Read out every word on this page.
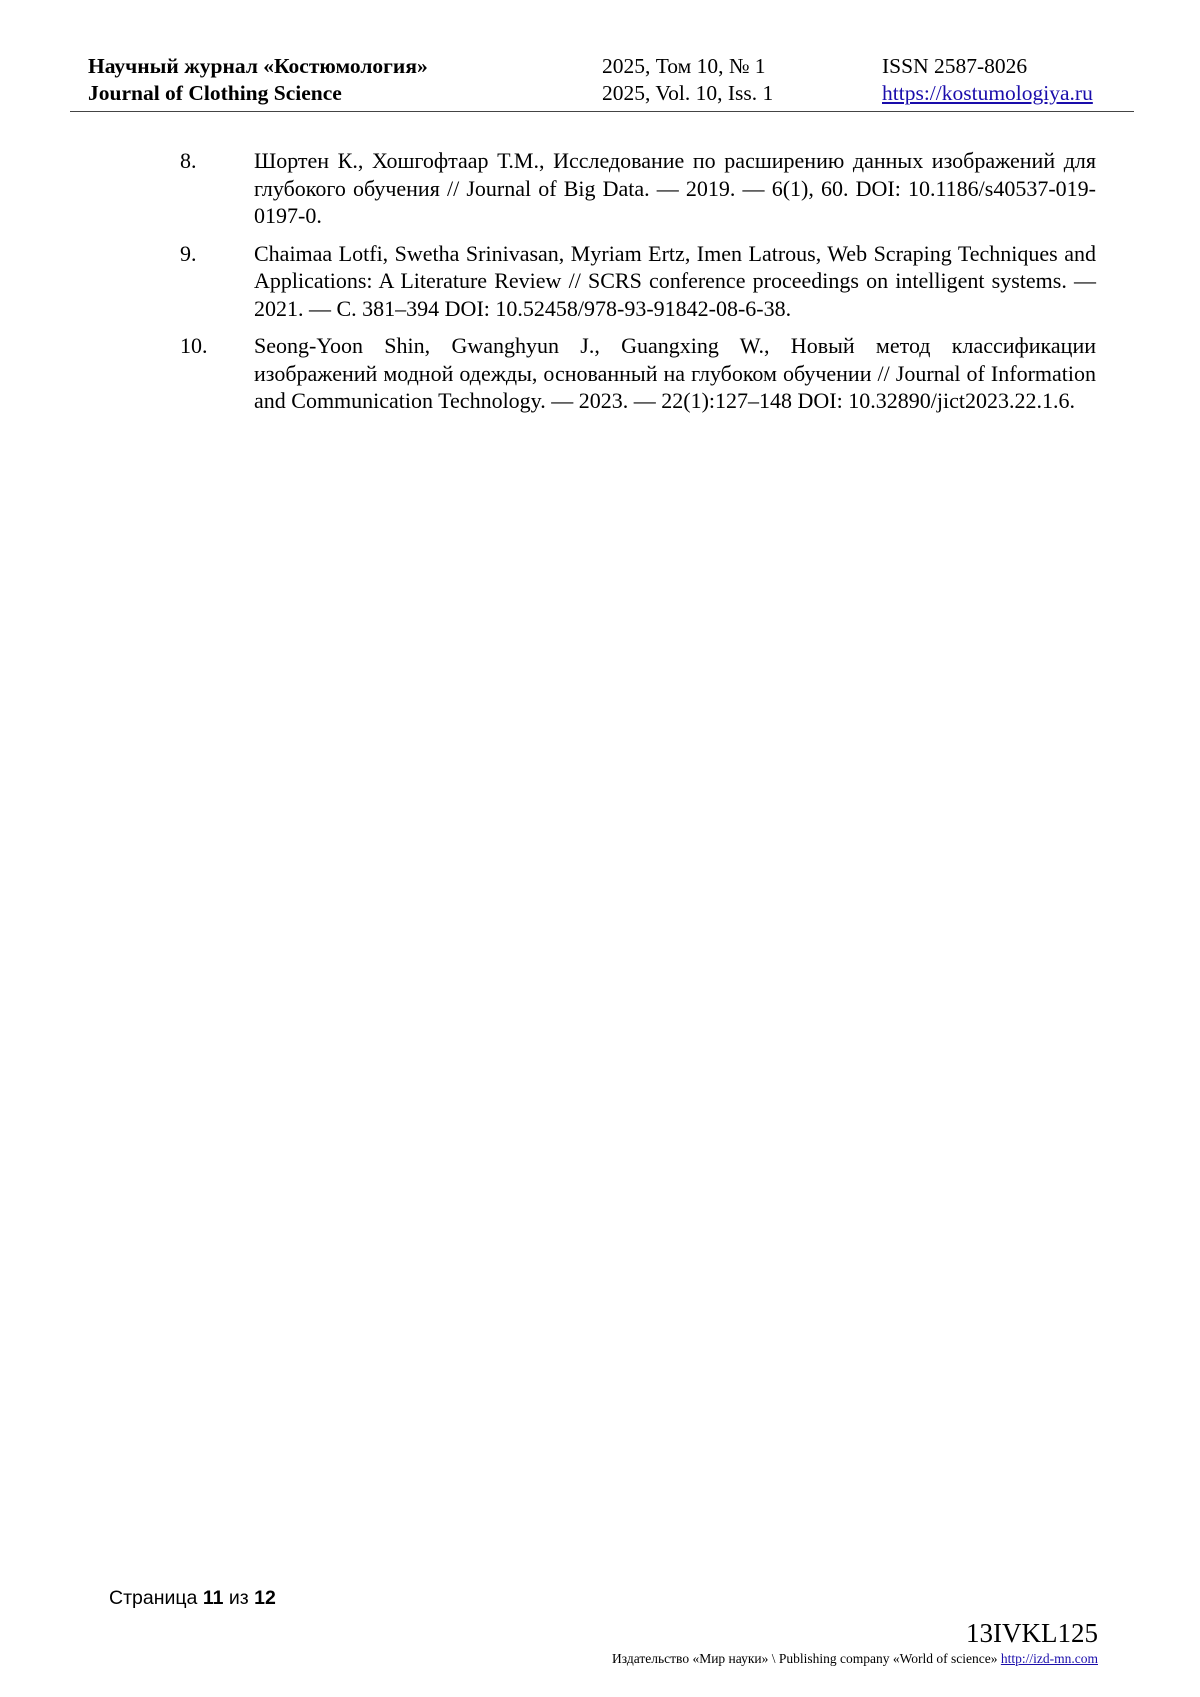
Научный журнал «Костюмология»
Journal of Clothing Science
2025, Том 10, № 1
2025, Vol. 10, Iss. 1
ISSN 2587-8026
https://kostumologiya.ru
8.	Шортен К., Хошгофтаар Т.М., Исследование по расширению данных изображений для глубокого обучения // Journal of Big Data. — 2019. — 6(1), 60. DOI: 10.1186/s40537-019-0197-0.
9.	Chaimaa Lotfi, Swetha Srinivasan, Myriam Ertz, Imen Latrous, Web Scraping Techniques and Applications: A Literature Review // SCRS conference proceedings on intelligent systems. — 2021. — С. 381–394 DOI: 10.52458/978-93-91842-08-6-38.
10. Seong-Yoon Shin, Gwanghyun J., Guangxing W., Новый метод классификации изображений модной одежды, основанный на глубоком обучении // Journal of Information and Communication Technology. — 2023. — 22(1):127–148 DOI: 10.32890/jict2023.22.1.6.
Страница 11 из 12
13IVKL125
Издательство «Мир науки» \ Publishing company «World of science» http://izd-mn.com
